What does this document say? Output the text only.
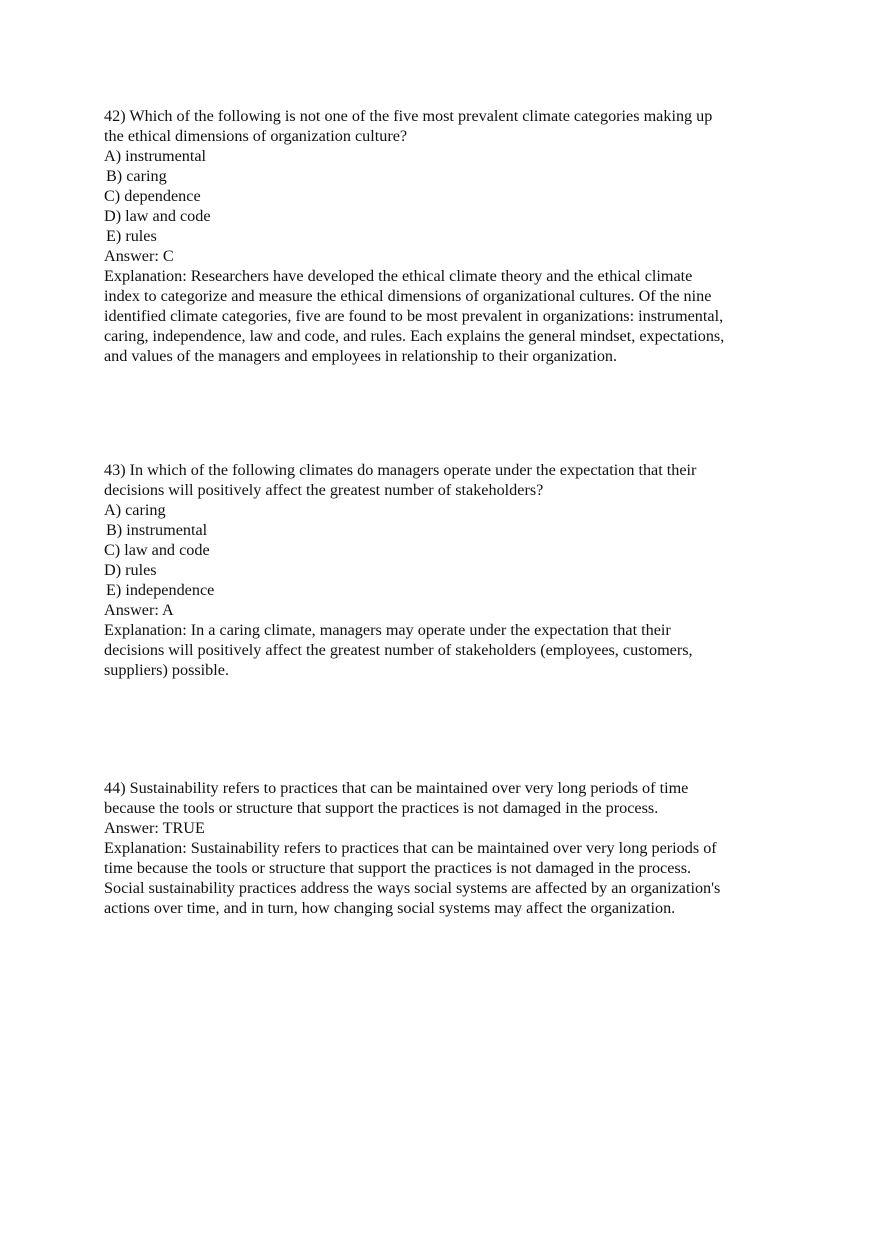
42) Which of the following is not one of the five most prevalent climate categories making up
the ethical dimensions of organization culture?
A) instrumental
B) caring
C) dependence
D) law and code
E) rules
Answer: C
Explanation: Researchers have developed the ethical climate theory and the ethical climate
index to categorize and measure the ethical dimensions of organizational cultures. Of the nine
identified climate categories, five are found to be most prevalent in organizations: instrumental,
caring, independence, law and code, and rules. Each explains the general mindset, expectations,
and values of the managers and employees in relationship to their organization.
43) In which of the following climates do managers operate under the expectation that their
decisions will positively affect the greatest number of stakeholders?
A) caring
B) instrumental
C) law and code
D) rules
E) independence
Answer: A
Explanation: In a caring climate, managers may operate under the expectation that their
decisions will positively affect the greatest number of stakeholders (employees, customers,
suppliers) possible.
44) Sustainability refers to practices that can be maintained over very long periods of time
because the tools or structure that support the practices is not damaged in the process.
Answer: TRUE
Explanation: Sustainability refers to practices that can be maintained over very long periods of
time because the tools or structure that support the practices is not damaged in the process.
Social sustainability practices address the ways social systems are affected by an organization's
actions over time, and in turn, how changing social systems may affect the organization.
